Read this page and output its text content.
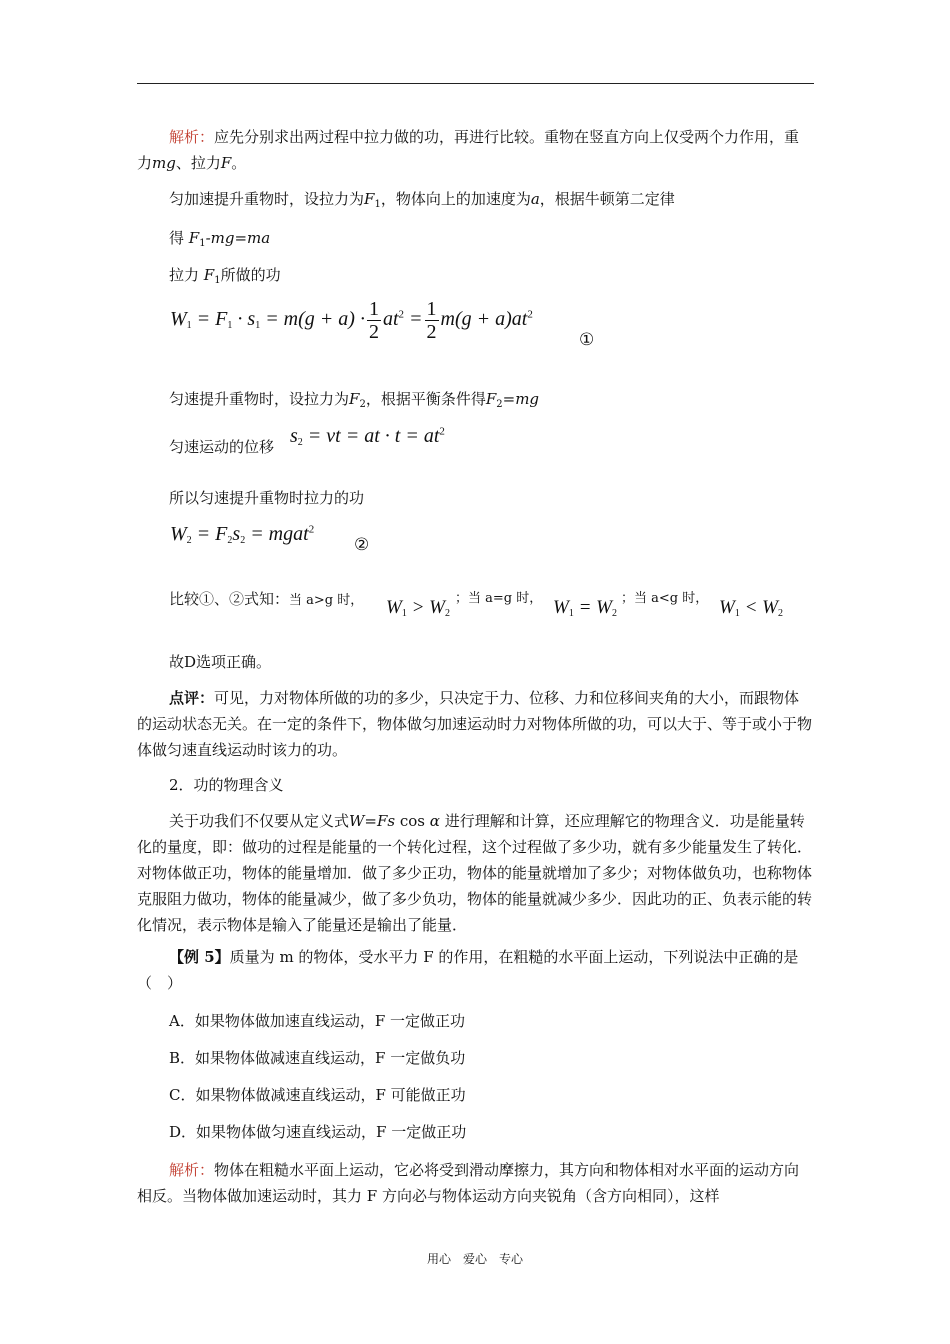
解析：应先分别求出两过程中拉力做的功，再进行比较。重物在竖直方向上仅受两个力作用，重力mg、拉力F。
匀加速提升重物时，设拉力为$F_1$，物体向上的加速度为a，根据牛顿第二定律
得 $F_1-mg=ma$
拉力 $F_1$所做的功
$W_1 = F_1 \cdot s_1 = m(g + a) \cdot \frac{1}{2} at^2 = \frac{1}{2} m(g + a)at^2$
①
匀速提升重物时，设拉力为$F_2$，根据平衡条件得$F_2=mg$
匀速运动的位移 $s_2$ = vt = at · $t = at^2$
所以匀速提升重物时拉力的功
$W_2 = F_2s_2$ = mgat$^2$
②
比较①、②式知：当 a>g 时， $W_1 > W_2$
；当 a=g 时， $W_1 = W_2$
；当 a<g 时， $W_1 < W_2$
故D选项正确。
点评：可见，力对物体所做的功的多少，只决定于力、位移、力和位移间夹角的大小，而跟物体的运动状态无关。在一定的条件下，物体做匀加速运动时力对物体所做的功，可以大于、等于或小于物体做匀速直线运动时该力的功。
2．功的物理含义
关于功我们不仅要从定义式W=Fs cos α 进行理解和计算，还应理解它的物理含义．功是能量转化的量度，即：做功的过程是能量的一个转化过程，这个过程做了多少功，就有多少能量发生了转化．对物体做正功，物体的能量增加．做了多少正功，物体的能量就增加了多少；对物体做负功，也称物体克服阻力做功，物体的能量减少，做了多少负功，物体的能量就减少多少．因此功的正、负表示能的转化情况，表示物体是输入了能量还是输出了能量．
【例 5】质量为 m 的物体，受水平力 F 的作用，在粗糙的水平面上运动，下列说法中正确的是（　）
A．如果物体做加速直线运动，F 一定做正功
B．如果物体做减速直线运动，F 一定做负功
C．如果物体做减速直线运动，F 可能做正功
D．如果物体做匀速直线运动，F 一定做正功
解析：物体在粗糙水平面上运动，它必将受到滑动摩擦力，其方向和物体相对水平面的运动方向相反。当物体做加速运动时，其力 F 方向必与物体运动方向夹锐角（含方向相同），这样
用心　爱心　专心
